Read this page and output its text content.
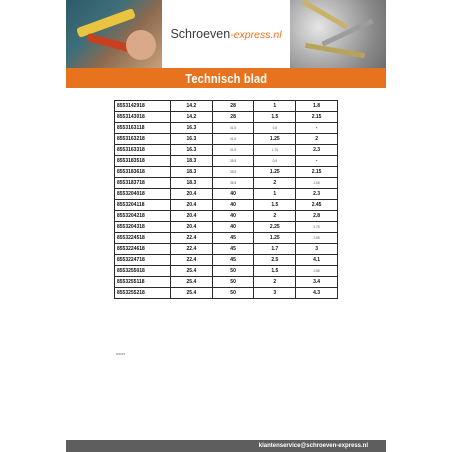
Schroeven-express.nl
Technisch blad
8553142918	14.2	28	1	1.8
8553143018	14.2	28	1.5	2.15
8553163118	16.3	31.5	0.8	-
8553163218	16.3	31.5	1.25	2
8553163318	16.3	31.5	1.75	2.3
8553183518	18.3	35.5	0.9	-
8553183618	18.3	35.5	1.25	2.15
8553183718	18.3	35.5	2	2.65
8553204018	20.4	40	1	2.3
8553204118	20.4	40	1.5	2.45
8553204218	20.4	40	2	2.8
8553204318	20.4	40	2.25	2.75
8553224518	22.4	45	1.25	2.85
8553224618	22.4	45	1.7	3
8553224718	22.4	45	2.5	4.1
8553255018	25.4	50	1.5	2.85
8553255118	25.4	50	2	3.4
8553255218	25.4	50	3	4.3
8/2015
klantenservice@schroeven-express.nl
